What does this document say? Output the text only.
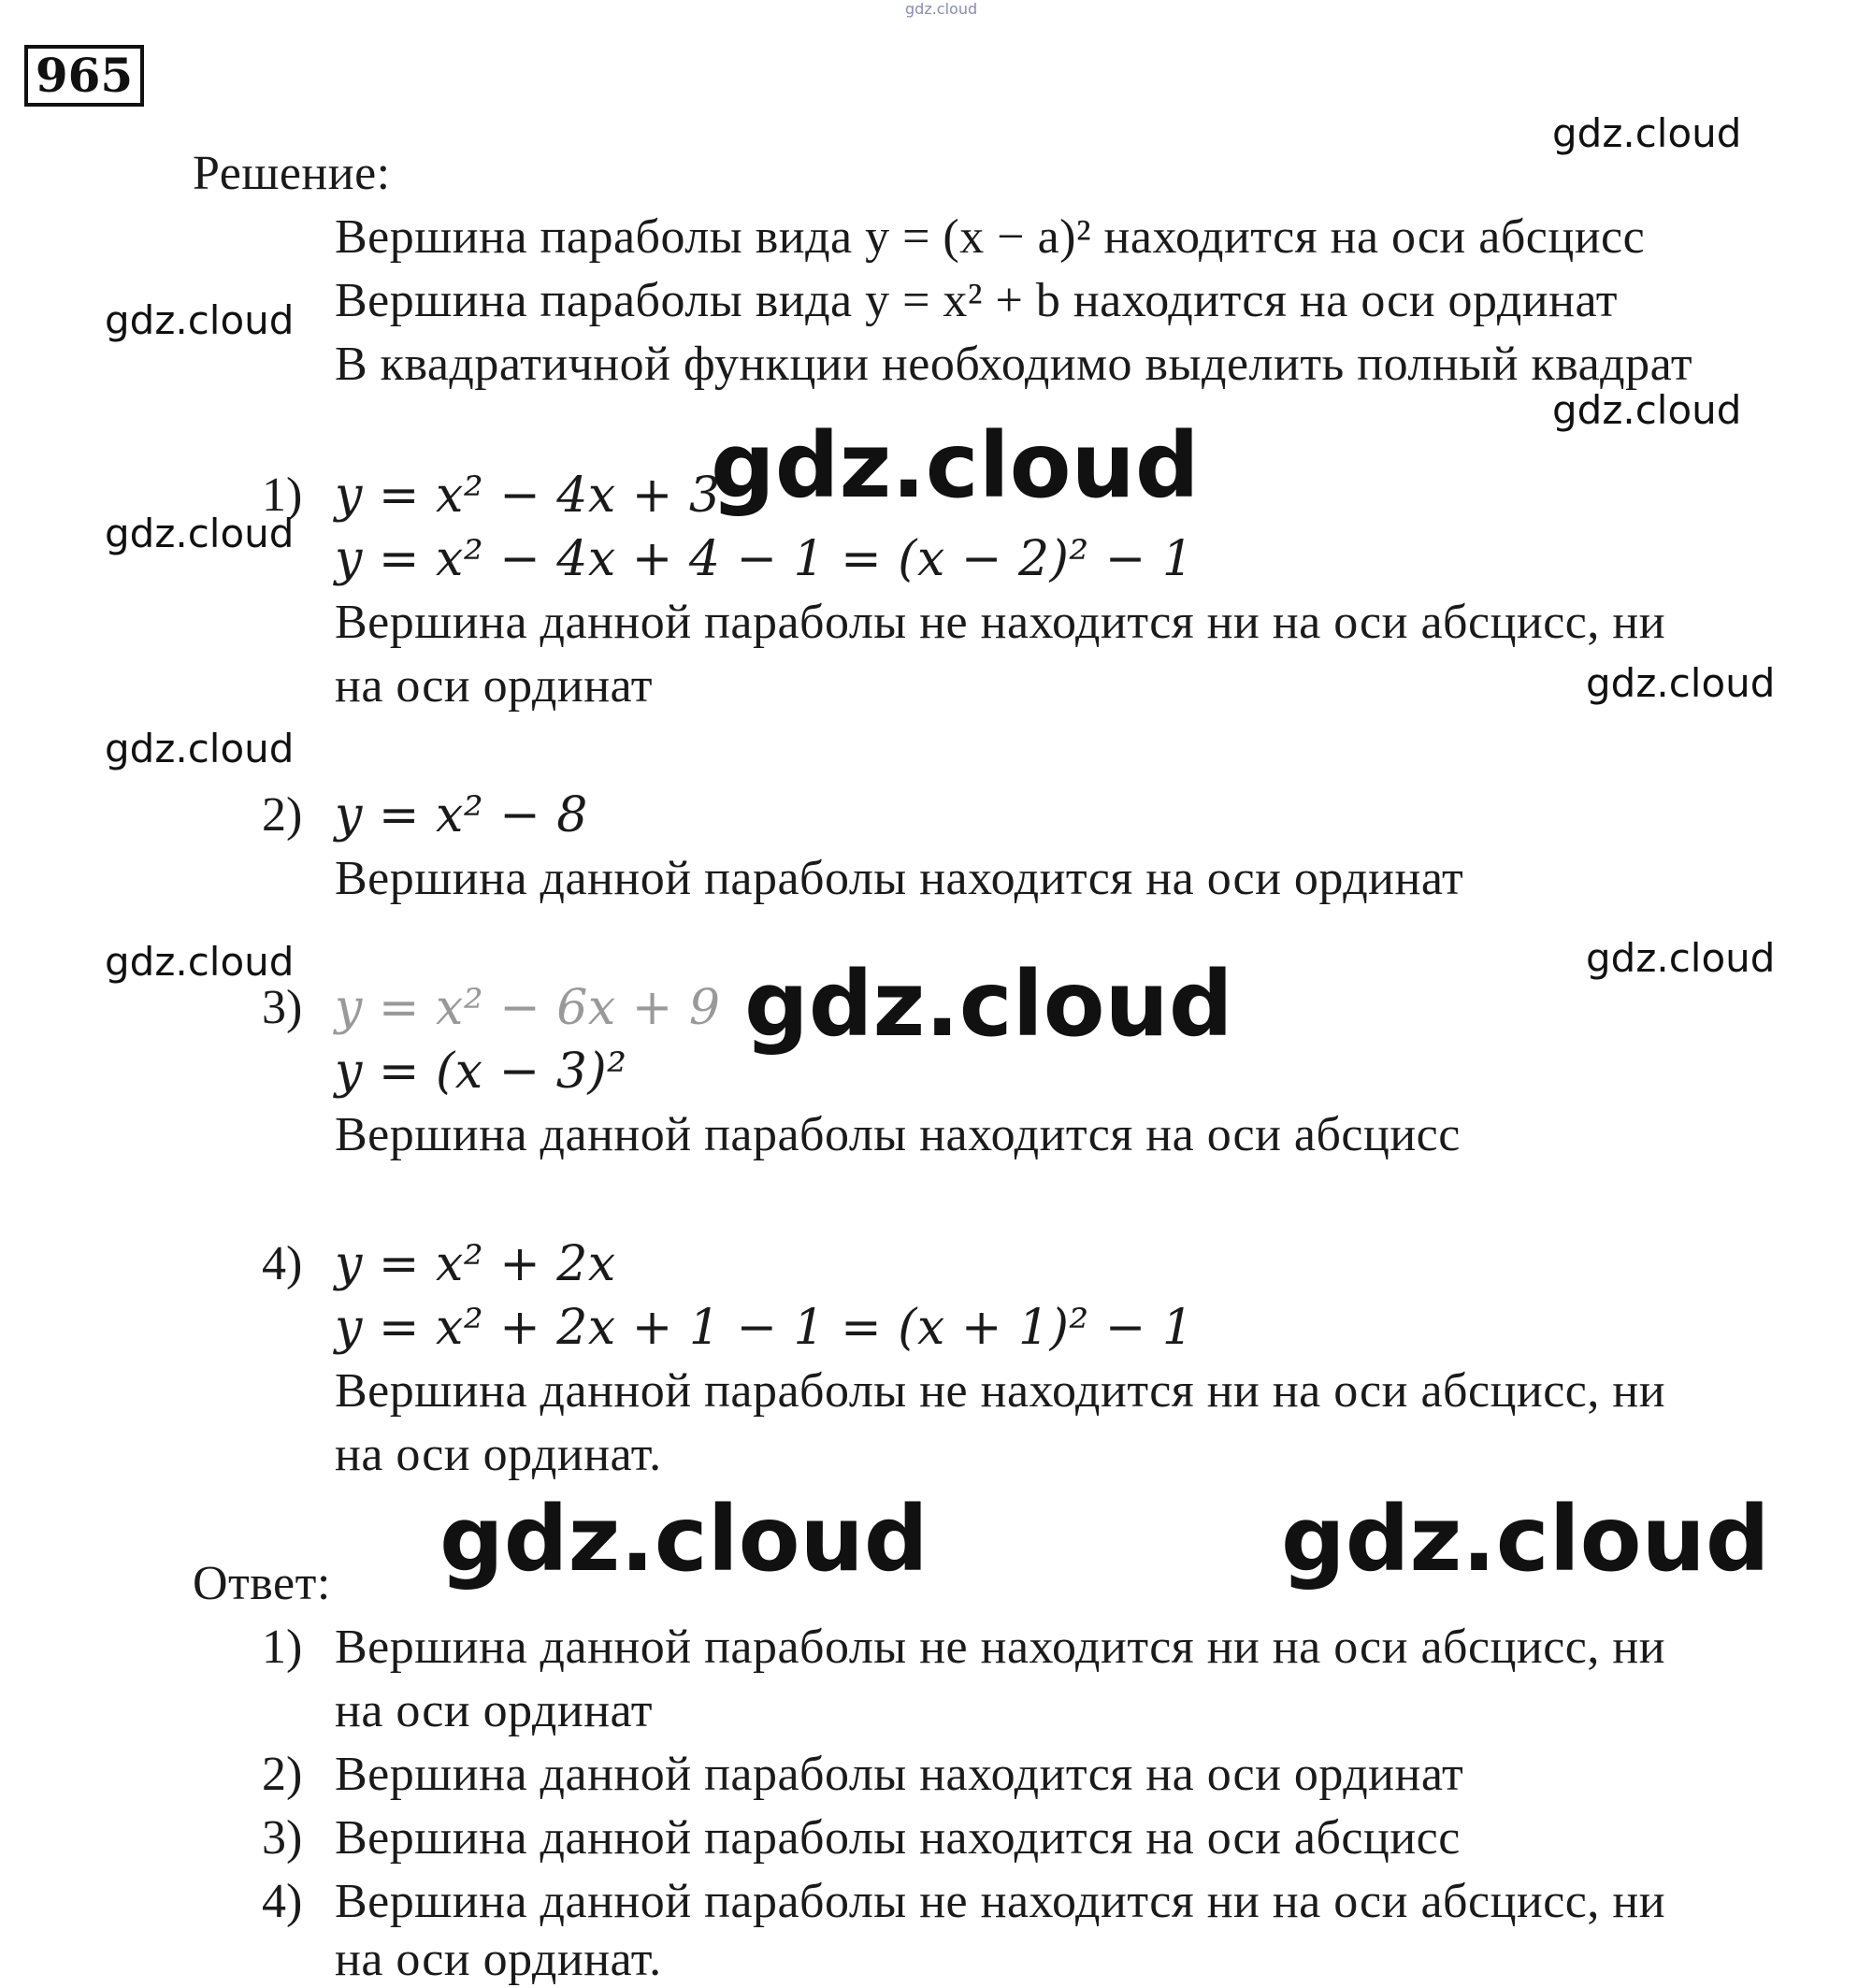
gdz.cloud
965
Решение:
Вершина параболы вида y = (x − a)² находится на оси абсцисс
Вершина параболы вида y = x² + b находится на оси ординат
В квадратичной функции необходимо выделить полный квадрат
1) y = x² − 4x + 3
y = x² − 4x + 4 − 1 = (x − 2)² − 1
Вершина данной параболы не находится ни на оси абсцисс, ни
на оси ординат
2) y = x² − 8
Вершина данной параболы находится на оси ординат
3) y = x² − 6x + 9
y = (x − 3)²
Вершина данной параболы находится на оси абсцисс
4) y = x² + 2x
y = x² + 2x + 1 − 1 = (x + 1)² − 1
Вершина данной параболы не находится ни на оси абсцисс, ни
на оси ординат.
Ответ:
1) Вершина данной параболы не находится ни на оси абсцисс, ни
на оси ординат
2) Вершина данной параболы находится на оси ординат
3) Вершина данной параболы находится на оси абсцисс
4) Вершина данной параболы не находится ни на оси абсцисс, ни
на оси ординат.
gdz.cloud
gdz.cloud
gdz.cloud
gdz.cloud
gdz.cloud
gdz.cloud
gdz.cloud	gdz.cloud
gdz.cloud
gdz.cloud
gdz.cloud	gdz.cloud
